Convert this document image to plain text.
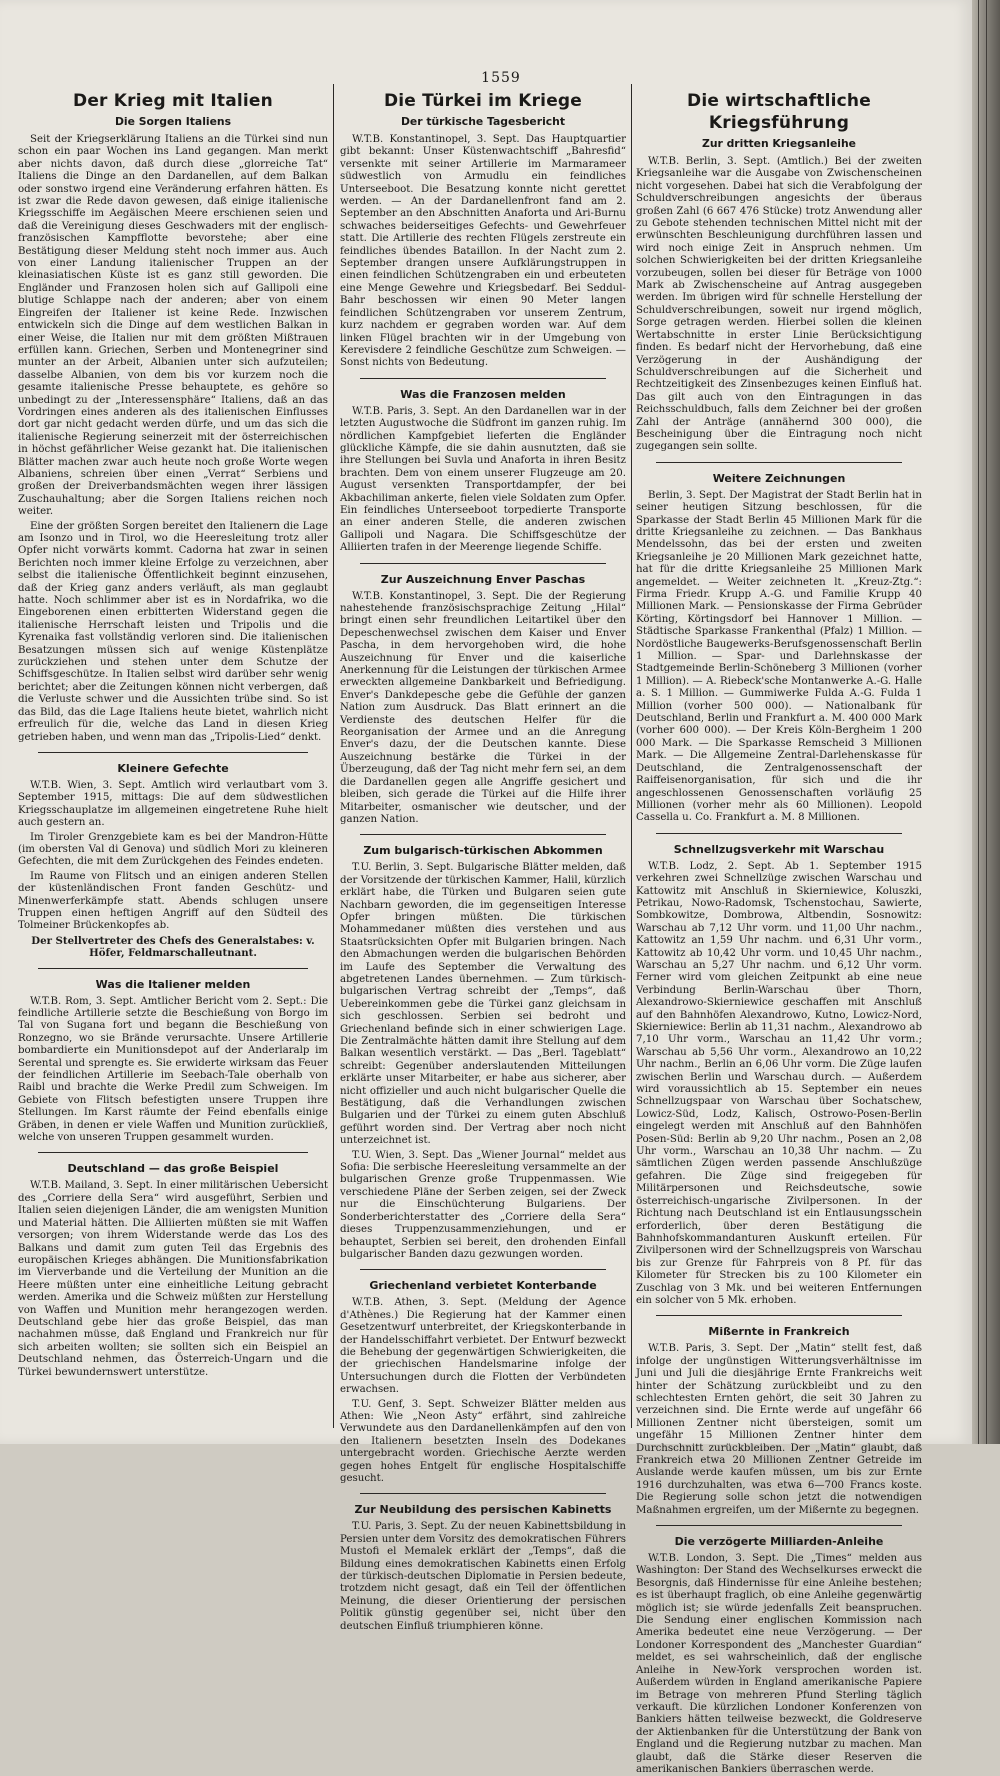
1559
Der Krieg mit Italien
Die Sorgen Italiens

Seit der Kriegserklärung Italiens an die Türkei sind nun schon ein paar Wochen ins Land gegangen. Man merkt aber nichts davon, daß durch diese „glorreiche Tat“ Italiens die Dinge an den Dardanellen, auf dem Balkan oder sonstwo irgend eine Veränderung erfahren hätten. Es ist zwar die Rede davon gewesen, daß einige italienische Kriegsschiffe im Aegäischen Meere erschienen seien und daß die Vereinigung dieses Geschwaders mit der englisch-französischen Kampfflotte bevorstehe; aber eine Bestätigung dieser Meldung steht noch immer aus. Auch von einer Landung italienischer Truppen an der kleinasiatischen Küste ist es ganz still geworden. Die Engländer und Franzosen holen sich auf Gallipoli eine blutige Schlappe nach der anderen; aber von einem Eingreifen der Italiener ist keine Rede. Inzwischen entwickeln sich die Dinge auf dem westlichen Balkan in einer Weise, die Italien nur mit dem größten Mißtrauen erfüllen kann. Griechen, Serben und Montenegriner sind munter an der Arbeit, Albanien unter sich aufzuteilen; dasselbe Albanien, von dem bis vor kurzem noch die gesamte italienische Presse behauptete, es gehöre so unbedingt zu der „Interessensphäre“ Italiens, daß an das Vordringen eines anderen als des italienischen Einflusses dort gar nicht gedacht werden dürfe, und um das sich die italienische Regierung seinerzeit mit der österreichischen in höchst gefährlicher Weise gezankt hat. Die italienischen Blätter machen zwar auch heute noch große Worte wegen Albaniens, schreien über einen „Verrat“ Serbiens und großen der Dreiverbandsmächten wegen ihrer lässigen Zuschauhaltung; aber die Sorgen Italiens reichen noch weiter.

Eine der größten Sorgen bereitet den Italienern die Lage am Isonzo und in Tirol, wo die Heeresleitung trotz aller Opfer nicht vorwärts kommt. Cadorna hat zwar in seinen Berichten noch immer kleine Erfolge zu verzeichnen, aber selbst die italienische Öffentlichkeit beginnt einzusehen, daß der Krieg ganz anders verläuft, als man geglaubt hatte. Noch schlimmer aber ist es in Nordafrika, wo die Eingeborenen einen erbitterten Widerstand gegen die italienische Herrschaft leisten und Tripolis und die Kyrenaika fast vollständig verloren sind. Die italienischen Besatzungen müssen sich auf wenige Küstenplätze zurückziehen und stehen unter dem Schutze der Schiffsgeschütze. In Italien selbst wird darüber sehr wenig berichtet; aber die Zeitungen können nicht verbergen, daß die Verluste schwer und die Aussichten trübe sind. So ist das Bild, das die Lage Italiens heute bietet, wahrlich nicht erfreulich für die, welche das Land in diesen Krieg getrieben haben, und wenn man das „Tripolis-Lied“ denkt.

Kleinere Gefechte

W.T.B. Wien, 3. Sept. Amtlich wird verlautbart vom 3. September 1915, mittags: Die auf dem südwestlichen Kriegsschauplatze im allgemeinen eingetretene Ruhe hielt auch gestern an.

Im Tiroler Grenzgebiete kam es bei der Mandron-Hütte (im obersten Val di Genova) und südlich Mori zu kleineren Gefechten, die mit dem Zurückgehen des Feindes endeten.

Im Raume von Flitsch und an einigen anderen Stellen der küstenländischen Front fanden Geschütz- und Minenwerferkämpfe statt. Abends schlugen unsere Truppen einen heftigen Angriff auf den Südteil des Tolmeiner Brückenkopfes ab.

Der Stellvertreter des Chefs des Generalstabes: v. Höfer, Feldmarschalleutnant.
Was die Italiener melden

W.T.B. Rom, 3. Sept. Amtlicher Bericht vom 2. Sept.: Die feindliche Artillerie setzte die Beschießung von Borgo im Tal von Sugana fort und begann die Beschießung von Ronzegno, wo sie Brände verursachte. Unsere Artillerie bombardierte ein Munitionsdepot auf der Anderlaralp im Serental und sprengte es. Sie erwiderte wirksam das Feuer der feindlichen Artillerie im Seebach-Tale oberhalb von Raibl und brachte die Werke Predil zum Schweigen. Im Gebiete von Flitsch befestigten unsere Truppen ihre Stellungen. Im Karst räumte der Feind ebenfalls einige Gräben, in denen er viele Waffen und Munition zurückließ, welche von unseren Truppen gesammelt wurden.

Deutschland — das große Beispiel

W.T.B. Mailand, 3. Sept. In einer militärischen Uebersicht des „Corriere della Sera“ wird ausgeführt, Serbien und Italien seien diejenigen Länder, die am wenigsten Munition und Material hätten. Die Alliierten müßten sie mit Waffen versorgen; von ihrem Widerstande werde das Los des Balkans und damit zum guten Teil das Ergebnis des europäischen Krieges abhängen. Die Munitionsfabrikation im Vierverbande und die Verteilung der Munition an die Heere müßten unter eine einheitliche Leitung gebracht werden. Amerika und die Schweiz müßten zur Herstellung von Waffen und Munition mehr herangezogen werden. Deutschland gebe hier das große Beispiel, das man nachahmen müsse, daß England und Frankreich nur für sich arbeiten wollten; sie sollten sich ein Beispiel an Deutschland nehmen, das Österreich-Ungarn und die Türkei bewundernswert unterstütze.

Die Türkei im Kriege
Der türkische Tagesbericht

W.T.B. Konstantinopel, 3. Sept. Das Hauptquartier gibt bekannt: Unser Küstenwachtschiff „Bahresfid“ versenkte mit seiner Artillerie im Marmarameer südwestlich von Armudlu ein feindliches Unterseeboot. Die Besatzung konnte nicht gerettet werden. — An der Dardanellenfront fand am 2. September an den Abschnitten Anaforta und Ari-Burnu schwaches beiderseitiges Gefechts- und Gewehrfeuer statt. Die Artillerie des rechten Flügels zerstreute ein feindliches übendes Bataillon. In der Nacht zum 2. September drangen unsere Aufklärungstruppen in einen feindlichen Schützengraben ein und erbeuteten eine Menge Gewehre und Kriegsbedarf. Bei Seddul-Bahr beschossen wir einen 90 Meter langen feindlichen Schützengraben vor unserem Zentrum, kurz nachdem er gegraben worden war. Auf dem linken Flügel brachten wir in der Umgebung von Kerevisdere 2 feindliche Geschütze zum Schweigen. — Sonst nichts von Bedeutung.

Was die Franzosen melden

W.T.B. Paris, 3. Sept. An den Dardanellen war in der letzten Augustwoche die Südfront im ganzen ruhig. Im nördlichen Kampfgebiet lieferten die Engländer glückliche Kämpfe, die sie dahin ausnutzten, daß sie ihre Stellungen bei Suvla und Anaforta in ihren Besitz brachten. Dem von einem unserer Flugzeuge am 20. August versenkten Transportdampfer, der bei Akbachiliman ankerte, fielen viele Soldaten zum Opfer. Ein feindliches Unterseeboot torpedierte Transporte an einer anderen Stelle, die anderen zwischen Gallipoli und Nagara. Die Schiffsgeschütze der Alliierten trafen in der Meerenge liegende Schiffe.

Zur Auszeichnung Enver Paschas

W.T.B. Konstantinopel, 3. Sept. Die der Regierung nahestehende französischsprachige Zeitung „Hilal“ bringt einen sehr freundlichen Leitartikel über den Depeschenwechsel zwischen dem Kaiser und Enver Pascha, in dem hervorgehoben wird, die hohe Auszeichnung für Enver und die kaiserliche Anerkennung für die Leistungen der türkischen Armee erweckten allgemeine Dankbarkeit und Befriedigung. Enver's Dankdepesche gebe die Gefühle der ganzen Nation zum Ausdruck. Das Blatt erinnert an die Verdienste des deutschen Helfer für die Reorganisation der Armee und an die Anregung Enver's dazu, der die Deutschen kannte. Diese Auszeichnung bestärke die Türkei in der Überzeugung, daß der Tag nicht mehr fern sei, an dem die Dardanellen gegen alle Angriffe gesichert und bleiben, sich gerade die Türkei auf die Hilfe ihrer Mitarbeiter, osmanischer wie deutscher, und der ganzen Nation.

Zum bulgarisch-türkischen Abkommen

T.U. Berlin, 3. Sept. Bulgarische Blätter melden, daß der Vorsitzende der türkischen Kammer, Halil, kürzlich erklärt habe, die Türken und Bulgaren seien gute Nachbarn geworden, die im gegenseitigen Interesse Opfer bringen müßten. Die türkischen Mohammedaner müßten dies verstehen und aus Staatsrücksichten Opfer mit Bulgarien bringen. Nach den Abmachungen werden die bulgarischen Behörden im Laufe des September die Verwaltung des abgetretenen Landes übernehmen. — Zum türkisch-bulgarischen Vertrag schreibt der „Temps“, daß Uebereinkommen gebe die Türkei ganz gleichsam in sich geschlossen. Serbien sei bedroht und Griechenland befinde sich in einer schwierigen Lage. Die Zentralmächte hätten damit ihre Stellung auf dem Balkan wesentlich verstärkt. — Das „Berl. Tageblatt“ schreibt: Gegenüber anderslautenden Mitteilungen erklärte unser Mitarbeiter, er habe aus sicherer, aber nicht offizieller und auch nicht bulgarischer Quelle die Bestätigung, daß die Verhandlungen zwischen Bulgarien und der Türkei zu einem guten Abschluß geführt worden sind. Der Vertrag aber noch nicht unterzeichnet ist.

T.U. Wien, 3. Sept. Das „Wiener Journal“ meldet aus Sofia: Die serbische Heeresleitung versammelte an der bulgarischen Grenze große Truppenmassen. Wie verschiedene Pläne der Serben zeigen, sei der Zweck nur die Einschüchterung Bulgariens. Der Sonderberichterstatter des „Corriere della Sera“ dieses Truppenzusammenziehungen, und er behauptet, Serbien sei bereit, den drohenden Einfall bulgarischer Banden dazu gezwungen worden.

Griechenland verbietet Konterbande

W.T.B. Athen, 3. Sept. (Meldung der Agence d'Athènes.) Die Regierung hat der Kammer einen Gesetzentwurf unterbreitet, der Kriegskonterbande in der Handelsschiffahrt verbietet. Der Entwurf bezweckt die Behebung der gegenwärtigen Schwierigkeiten, die der griechischen Handelsmarine infolge der Untersuchungen durch die Flotten der Verbündeten erwachsen.

T.U. Genf, 3. Sept. Schweizer Blätter melden aus Athen: Wie „Neon Asty“ erfährt, sind zahlreiche Verwundete aus den Dardanellenkämpfen auf den von den Italienern besetzten Inseln des Dodekanes untergebracht worden. Griechische Aerzte werden gegen hohes Entgelt für englische Hospitalschiffe gesucht.

Zur Neubildung des persischen Kabinetts

T.U. Paris, 3. Sept. Zu der neuen Kabinettsbildung in Persien unter dem Vorsitz des demokratischen Führers Mustofi el Memalek erklärt der „Temps“, daß die Bildung eines demokratischen Kabinetts einen Erfolg der türkisch-deutschen Diplomatie in Persien bedeute, trotzdem nicht gesagt, daß ein Teil der öffentlichen Meinung, die dieser Orientierung der persischen Politik günstig gegenüber sei, nicht über den deutschen Einfluß triumphieren könne.

Die wirtschaftliche Kriegsführung
Zur dritten Kriegsanleihe

W.T.B. Berlin, 3. Sept. (Amtlich.) Bei der zweiten Kriegsanleihe war die Ausgabe von Zwischenscheinen nicht vorgesehen. Dabei hat sich die Verabfolgung der Schuldverschreibungen angesichts der überaus großen Zahl (6 667 476 Stücke) trotz Anwendung aller zu Gebote stehenden technischen Mittel nicht mit der erwünschten Beschleunigung durchführen lassen und wird noch einige Zeit in Anspruch nehmen. Um solchen Schwierigkeiten bei der dritten Kriegsanleihe vorzubeugen, sollen bei dieser für Beträge von 1000 Mark ab Zwischenscheine auf Antrag ausgegeben werden. Im übrigen wird für schnelle Herstellung der Schuldverschreibungen, soweit nur irgend möglich, Sorge getragen werden. Hierbei sollen die kleinen Wertabschnitte in erster Linie Berücksichtigung finden. Es bedarf nicht der Hervorhebung, daß eine Verzögerung in der Aushändigung der Schuldverschreibungen auf die Sicherheit und Rechtzeitigkeit des Zinsenbezuges keinen Einfluß hat. Das gilt auch von den Eintragungen in das Reichsschuldbuch, falls dem Zeichner bei der großen Zahl der Anträge (annähernd 300 000), die Bescheinigung über die Eintragung noch nicht zugegangen sein sollte.

Weitere Zeichnungen

Berlin, 3. Sept. Der Magistrat der Stadt Berlin hat in seiner heutigen Sitzung beschlossen, für die Sparkasse der Stadt Berlin 45 Millionen Mark für die dritte Kriegsanleihe zu zeichnen. — Das Bankhaus Mendelssohn, das bei der ersten und zweiten Kriegsanleihe je 20 Millionen Mark gezeichnet hatte, hat für die dritte Kriegsanleihe 25 Millionen Mark angemeldet. — Weiter zeichneten lt. „Kreuz-Ztg.“: Firma Friedr. Krupp A.-G. und Familie Krupp 40 Millionen Mark. — Pensionskasse der Firma Gebrüder Körting, Körtingsdorf bei Hannover 1 Million. — Städtische Sparkasse Frankenthal (Pfalz) 1 Million. — Nordöstliche Baugewerks-Berufsgenossenschaft Berlin 1 Million. — Spar- und Darlehnskasse der Stadtgemeinde Berlin-Schöneberg 3 Millionen (vorher 1 Million). — A. Riebeck'sche Montanwerke A.-G. Halle a. S. 1 Million. — Gummiwerke Fulda A.-G. Fulda 1 Million (vorher 500 000). — Nationalbank für Deutschland, Berlin und Frankfurt a. M. 400 000 Mark (vorher 600 000). — Der Kreis Köln-Bergheim 1 200 000 Mark. — Die Sparkasse Remscheid 3 Millionen Mark. — Die Allgemeine Zentral-Darlehenskasse für Deutschland, die Zentralgenossenschaft der Raiffeisenorganisation, für sich und die ihr angeschlossenen Genossenschaften vorläufig 25 Millionen (vorher mehr als 60 Millionen). Leopold Cassella u. Co. Frankfurt a. M. 8 Millionen.

Schnellzugsverkehr mit Warschau

W.T.B. Lodz, 2. Sept. Ab 1. September 1915 verkehren zwei Schnellzüge zwischen Warschau und Kattowitz mit Anschluß in Skierniewice, Koluszki, Petrikau, Nowo-Radomsk, Tschenstochau, Sawierte, Sombkowitze, Dombrowa, Altbendin, Sosnowitz: Warschau ab 7,12 Uhr vorm. und 11,00 Uhr nachm., Kattowitz an 1,59 Uhr nachm. und 6,31 Uhr vorm., Kattowitz ab 10,42 Uhr vorm. und 10,45 Uhr nachm., Warschau an 5,27 Uhr nachm. und 6,12 Uhr vorm. Ferner wird vom gleichen Zeitpunkt ab eine neue Verbindung Berlin-Warschau über Thorn, Alexandrowo-Skierniewice geschaffen mit Anschluß auf den Bahnhöfen Alexandrowo, Kutno, Lowicz-Nord, Skierniewice: Berlin ab 11,31 nachm., Alexandrowo ab 7,10 Uhr vorm., Warschau an 11,42 Uhr vorm.; Warschau ab 5,56 Uhr vorm., Alexandrowo an 10,22 Uhr nachm., Berlin an 6,06 Uhr vorm. Die Züge laufen zwischen Berlin und Warschau durch. — Außerdem wird voraussichtlich ab 15. September ein neues Schnellzugspaar von Warschau über Sochatschew, Lowicz-Süd, Lodz, Kalisch, Ostrowo-Posen-Berlin eingelegt werden mit Anschluß auf den Bahnhöfen Posen-Süd: Berlin ab 9,20 Uhr nachm., Posen an 2,08 Uhr vorm., Warschau an 10,38 Uhr nachm. — Zu sämtlichen Zügen werden passende Anschlußzüge gefahren. Die Züge sind freigegeben für Militärpersonen und Reichsdeutsche, sowie österreichisch-ungarische Zivilpersonen. In der Richtung nach Deutschland ist ein Entlausungsschein erforderlich, über deren Bestätigung die Bahnhofskommandanturen Auskunft erteilen. Für Zivilpersonen wird der Schnellzugspreis von Warschau bis zur Grenze für Fahrpreis von 8 Pf. für das Kilometer für Strecken bis zu 100 Kilometer ein Zuschlag von 3 Mk. und bei weiteren Entfernungen ein solcher von 5 Mk. erhoben.

Mißernte in Frankreich

W.T.B. Paris, 3. Sept. Der „Matin“ stellt fest, daß infolge der ungünstigen Witterungsverhältnisse im Juni und Juli die diesjährige Ernte Frankreichs weit hinter der Schätzung zurückbleibt und zu den schlechtesten Ernten gehört, die seit 30 Jahren zu verzeichnen sind. Die Ernte werde auf ungefähr 66 Millionen Zentner nicht übersteigen, somit um ungefähr 15 Millionen Zentner hinter dem Durchschnitt zurückbleiben. Der „Matin“ glaubt, daß Frankreich etwa 20 Millionen Zentner Getreide im Auslande werde kaufen müssen, um bis zur Ernte 1916 durchzuhalten, was etwa 6—700 Francs koste. Die Regierung solle schon jetzt die notwendigen Maßnahmen ergreifen, um der Mißernte zu begegnen.

Die verzögerte Milliarden-Anleihe

W.T.B. London, 3. Sept. Die „Times“ melden aus Washington: Der Stand des Wechselkurses erweckt die Besorgnis, daß Hindernisse für eine Anleihe bestehen; es ist überhaupt fraglich, ob eine Anleihe gegenwärtig möglich ist; sie würde jedenfalls Zeit beanspruchen. Die Sendung einer englischen Kommission nach Amerika bedeutet eine neue Verzögerung. — Der Londoner Korrespondent des „Manchester Guardian“ meldet, es sei wahrscheinlich, daß der englische Anleihe in New-York versprochen worden ist. Außerdem würden in England amerikanische Papiere im Betrage von mehreren Pfund Sterling täglich verkauft. Die kürzlichen Londoner Konferenzen von Bankiers hätten teilweise bezweckt, die Goldreserve der Aktienbanken für die Unterstützung der Bank von England und die Regierung nutzbar zu machen. Man glaubt, daß die Stärke dieser Reserven die amerikanischen Bankiers überraschen werde.
